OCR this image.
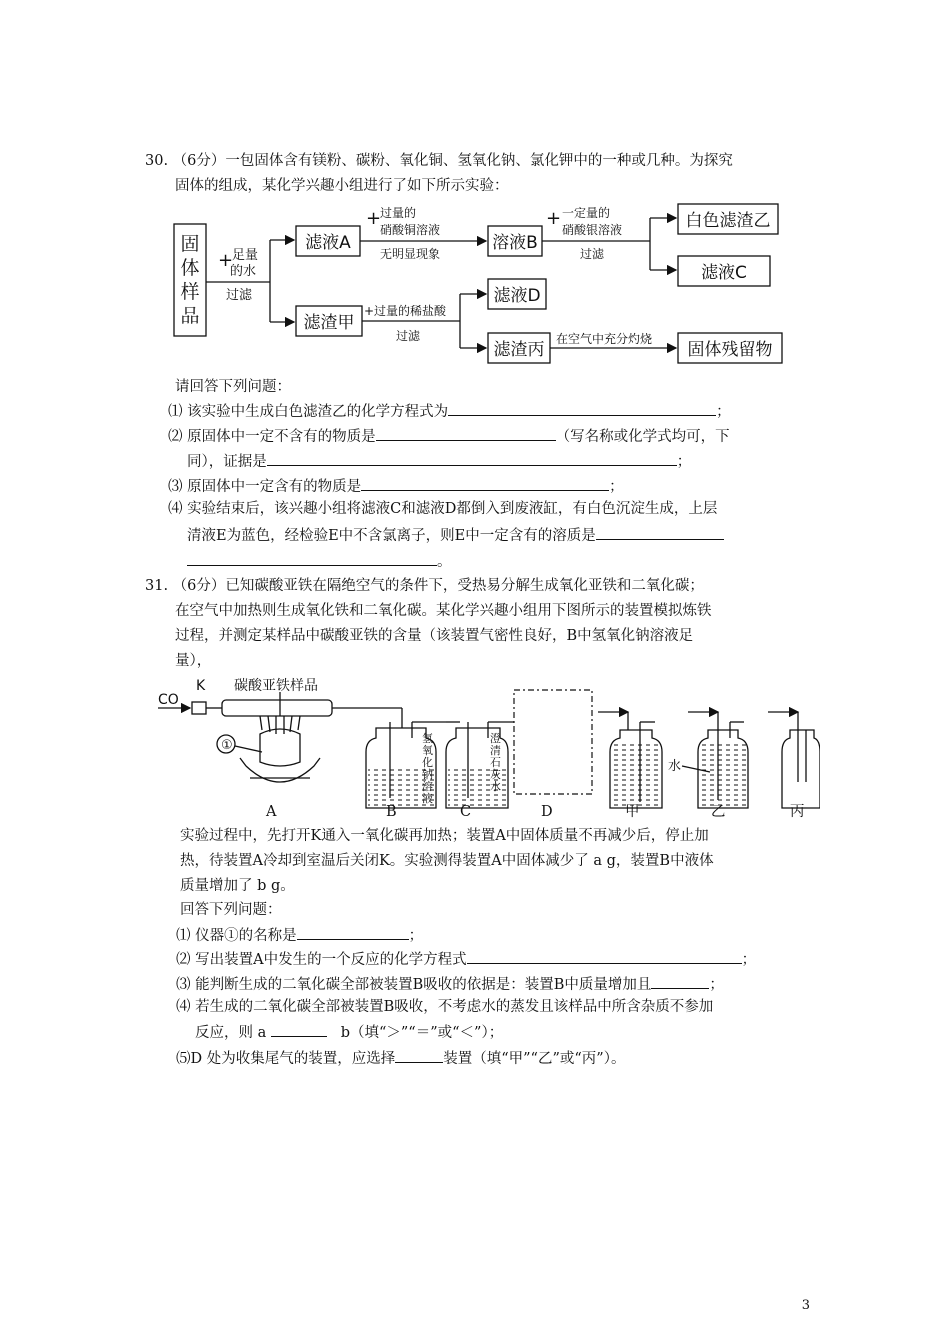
30. （6分）一包固体含有镁粉、碳粉、氧化铜、氢氧化钠、氯化钾中的一种或几种。为探究
固体的组成，某化学兴趣小组进行了如下所示实验：
固
体
样
品
+
足量
的水
过滤
滤液A
+
过量的
硝酸铜溶液
无明显现象
溶液B
+ 一定量的
硝酸银溶液
过滤
白色滤渣乙
滤液C
滤渣甲
+过量的稀盐酸
过滤
滤液D
滤渣丙
在空气中充分灼烧
固体残留物
请回答下列问题：
⑴ 该实验中生成白色滤渣乙的化学方程式为	；
⑵ 原固体中一定不含有的物质是	（写名称或化学式均可，下
同），证据是	；
⑶ 原固体中一定含有的物质是	；
⑷ 实验结束后，该兴趣小组将滤液C和滤液D都倒入到废液缸，有白色沉淀生成，上层
清液E为蓝色，经检验E中不含氯离子，则E中一定含有的溶质是
。
31. （6分）已知碳酸亚铁在隔绝空气的条件下，受热易分解生成氧化亚铁和二氧化碳；
在空气中加热则生成氧化铁和二氧化碳。某化学兴趣小组用下图所示的装置模拟炼铁
过程，并测定某样品中碳酸亚铁的含量（该装置气密性良好，B中氢氧化钠溶液足
量），
CO
K 碳酸亚铁样品
①	氢
氧
化
钠
溶
液
澄
清
石
灰
水
水
A	B	C	D	甲	乙	丙
实验过程中，先打开K通入一氧化碳再加热；装置A中固体质量不再减少后，停止加
热，待装置A冷却到室温后关闭K。实验测得装置A中固体减少了 a g，装置B中液体
质量增加了 b g。
回答下列问题：
⑴ 仪器①的名称是	；
⑵ 写出装置A中发生的一个反应的化学方程式	；
⑶ 能判断生成的二氧化碳全部被装置B吸收的依据是：装置B中质量增加且	；
⑷ 若生成的二氧化碳全部被装置B吸收，不考虑水的蒸发且该样品中所含杂质不参加
反应，则 a	b（填“＞”“＝”或“＜”）；
⑸D 处为收集尾气的装置，应选择	装置（填“甲”“乙”或“丙”）。
3
